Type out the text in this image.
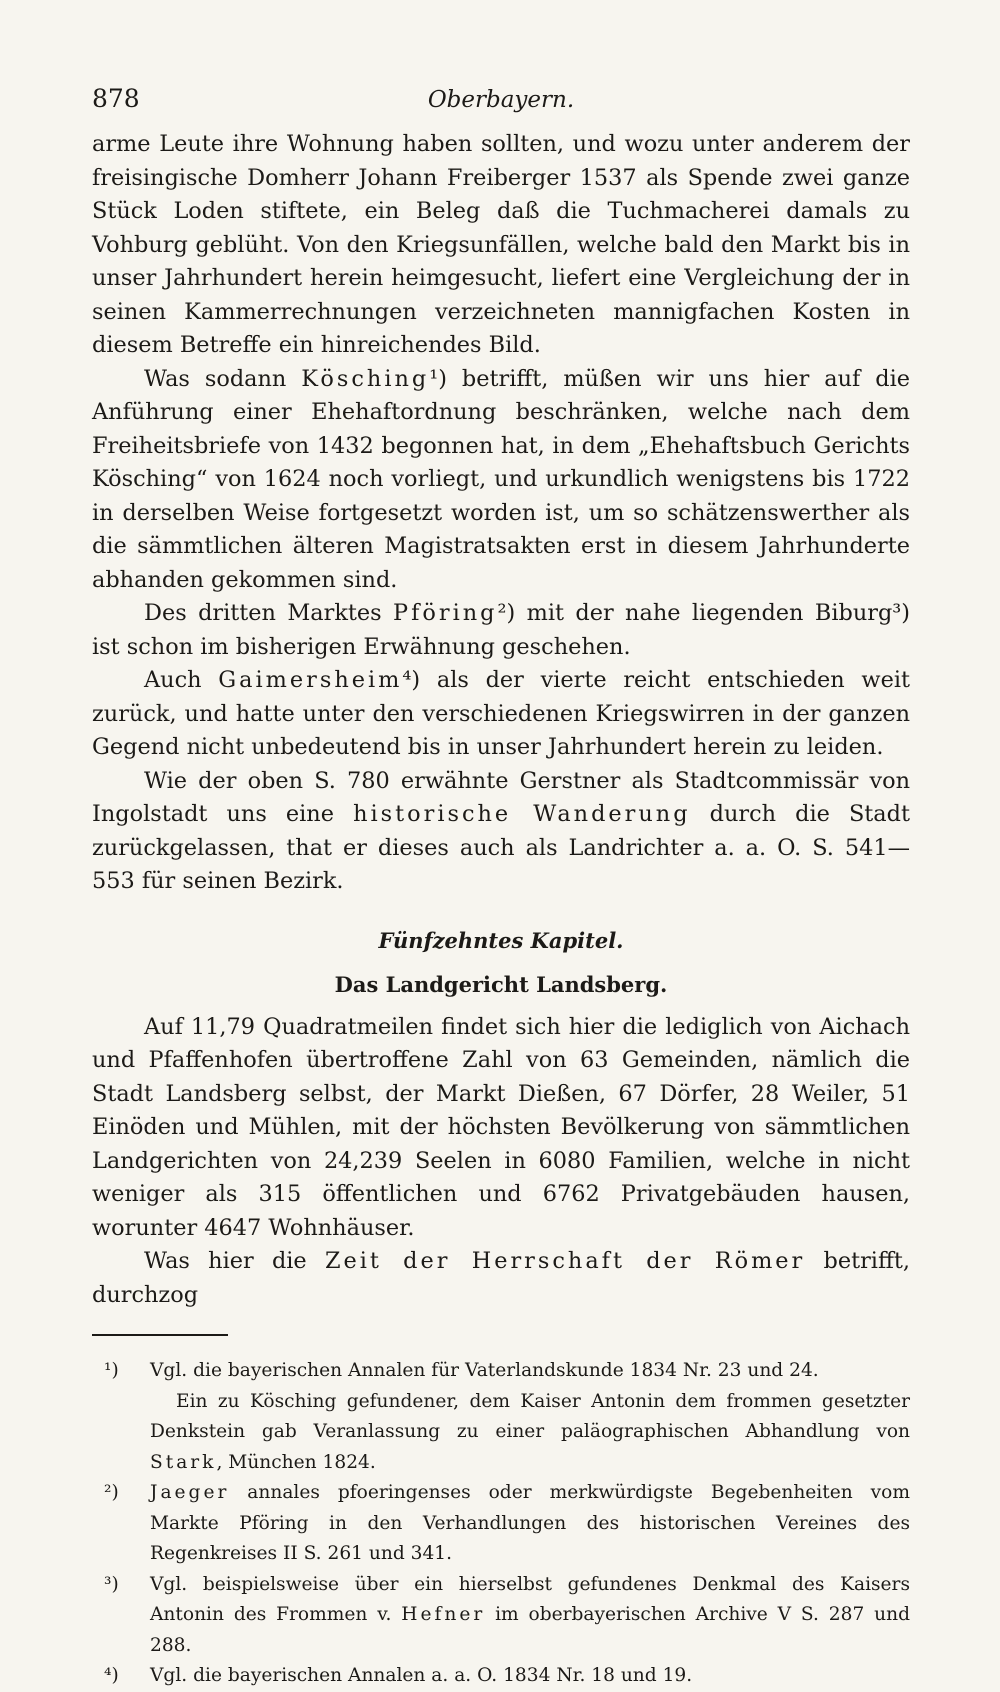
878	Oberbayern.

arme Leute ihre Wohnung haben sollten, und wozu unter anderem der freisingische Domherr Johann Freiberger 1537 als Spende zwei ganze Stück Loden stiftete, ein Beleg daß die Tuchmacherei damals zu Vohburg geblüht. Von den Kriegsunfällen, welche bald den Markt bis in unser Jahrhundert herein heimgesucht, liefert eine Vergleichung der in seinen Kammerrechnungen verzeichneten mannigfachen Kosten in diesem Betreffe ein hinreichendes Bild.

Was sodann Kösching¹) betrifft, müßen wir uns hier auf die Anführung einer Ehehaftordnung beschränken, welche nach dem Freiheitsbriefe von 1432 begonnen hat, in dem „Ehehaftsbuch Gerichts Kösching“ von 1624 noch vorliegt, und urkundlich wenigstens bis 1722 in derselben Weise fortgesetzt worden ist, um so schätzenswerther als die sämmtlichen älteren Magistratsakten erst in diesem Jahrhunderte abhanden gekommen sind.

Des dritten Marktes Pföring²) mit der nahe liegenden Biburg³) ist schon im bisherigen Erwähnung geschehen.

Auch Gaimersheim⁴) als der vierte reicht entschieden weit zurück, und hatte unter den verschiedenen Kriegswirren in der ganzen Gegend nicht unbedeutend bis in unser Jahrhundert herein zu leiden.

Wie der oben S. 780 erwähnte Gerstner als Stadtcommissär von Ingolstadt uns eine historische Wanderung durch die Stadt zurückgelassen, that er dieses auch als Landrichter a. a. O. S. 541—553 für seinen Bezirk.

Fünfzehntes Kapitel.
Das Landgericht Landsberg.

Auf 11,79 Quadratmeilen findet sich hier die lediglich von Aichach und Pfaffenhofen übertroffene Zahl von 63 Gemeinden, nämlich die Stadt Landsberg selbst, der Markt Dießen, 67 Dörfer, 28 Weiler, 51 Einöden und Mühlen, mit der höchsten Bevölkerung von sämmtlichen Landgerichten von 24,239 Seelen in 6080 Familien, welche in nicht weniger als 315 öffentlichen und 6762 Privatgebäuden hausen, worunter 4647 Wohnhäuser.

Was hier die Zeit der Herrschaft der Römer betrifft, durchzog

¹)	Vgl. die bayerischen Annalen für Vaterlandskunde 1834 Nr. 23 und 24.

Ein zu Kösching gefundener, dem Kaiser Antonin dem frommen gesetzter Denkstein gab Veranlassung zu einer paläographischen Abhandlung von Stark, München 1824.

²)	Jaeger annales pfoeringenses oder merkwürdigste Begebenheiten vom Markte Pföring in den Verhandlungen des historischen Vereines des Regenkreises II S. 261 und 341.

³)	Vgl. beispielsweise über ein hierselbst gefundenes Denkmal des Kaisers Antonin des Frommen v. Hefner im oberbayerischen Archive V S. 287 und 288.

⁴)	Vgl. die bayerischen Annalen a. a. O. 1834 Nr. 18 und 19.
